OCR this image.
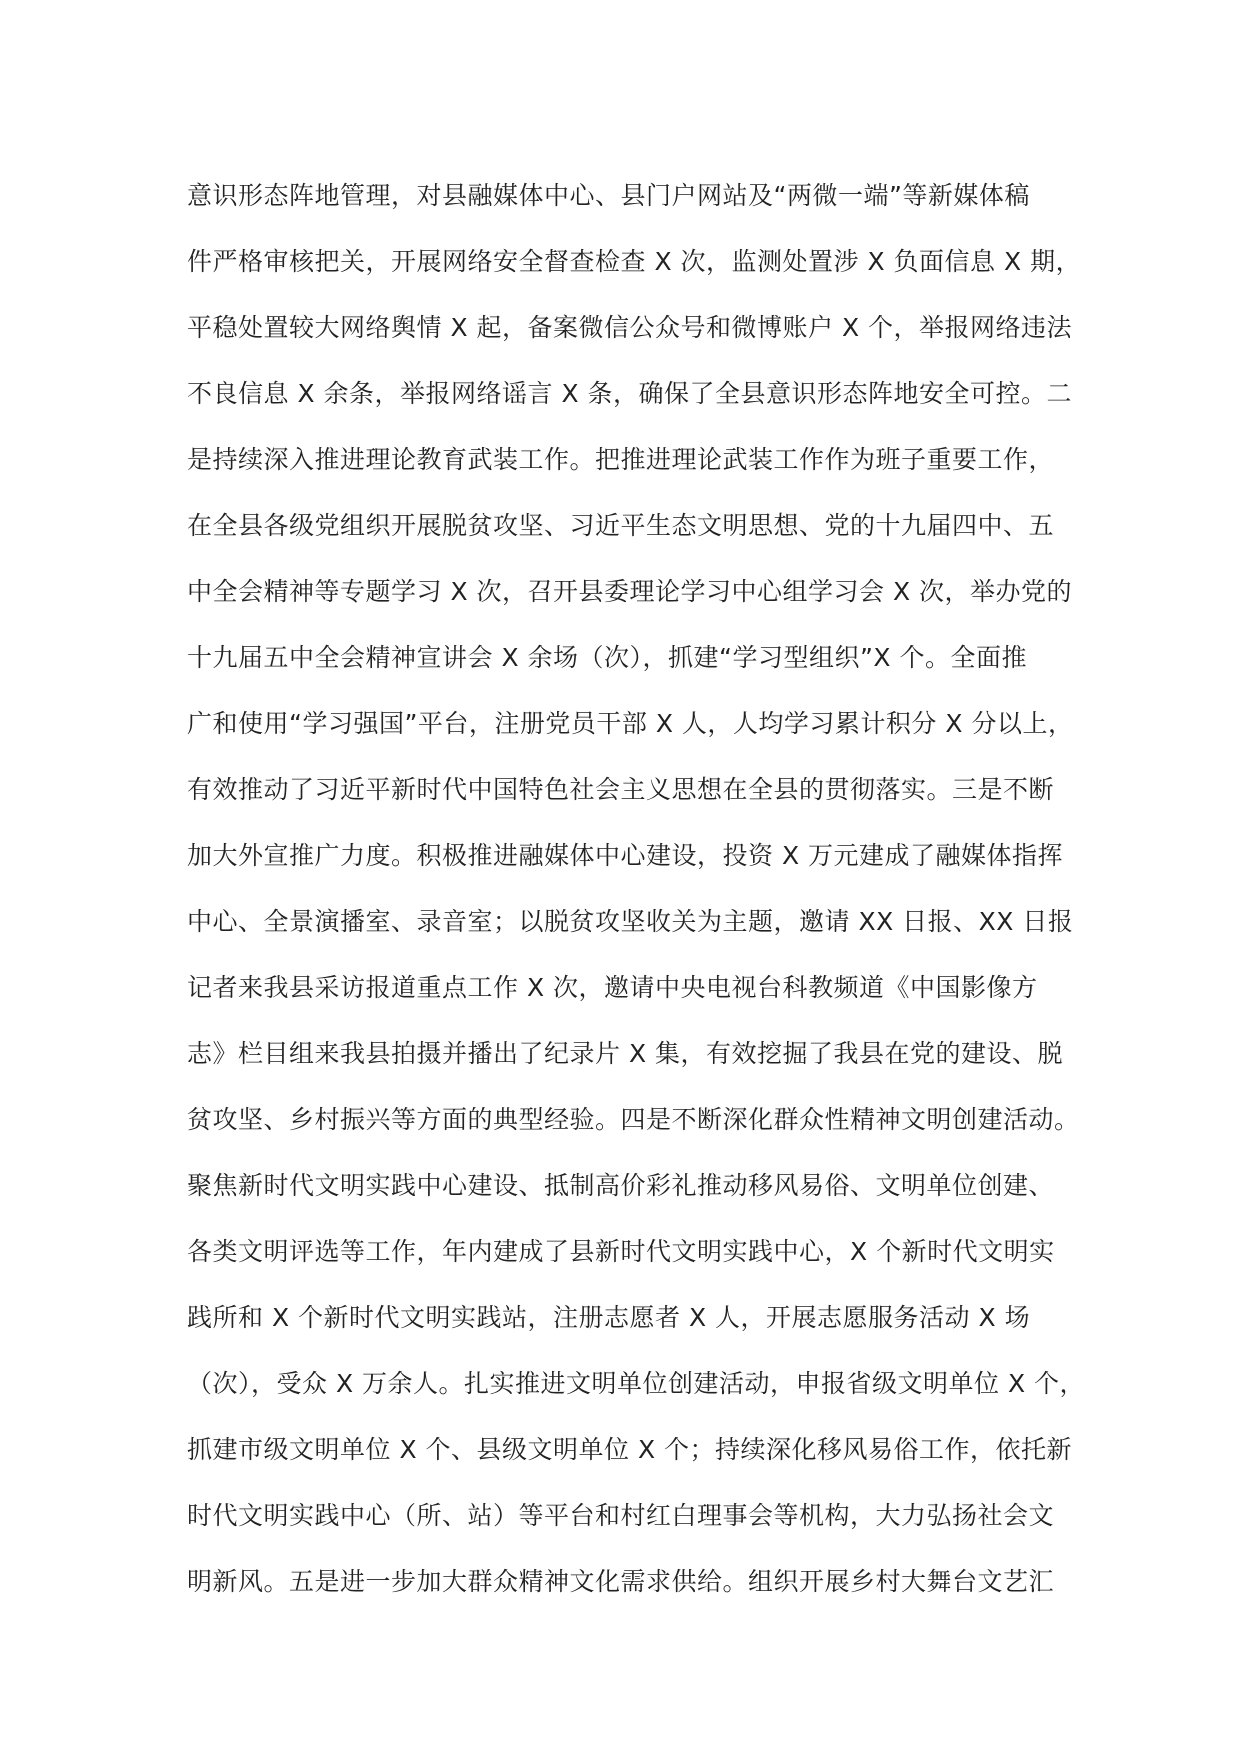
意识形态阵地管理，对县融媒体中心、县门户网站及“两微一端”等新媒体稿
件严格审核把关，开展网络安全督查检查 X 次，监测处置涉 X 负面信息 X 期，
平稳处置较大网络舆情 X 起，备案微信公众号和微博账户 X 个，举报网络违法
不良信息 X 余条，举报网络谣言 X 条，确保了全县意识形态阵地安全可控。二
是持续深入推进理论教育武装工作。把推进理论武装工作作为班子重要工作，
在全县各级党组织开展脱贫攻坚、习近平生态文明思想、党的十九届四中、五
中全会精神等专题学习 X 次，召开县委理论学习中心组学习会 X 次，举办党的
十九届五中全会精神宣讲会 X 余场（次），抓建“学习型组织”X 个。全面推
广和使用“学习强国”平台，注册党员干部 X 人，人均学习累计积分 X 分以上，
有效推动了习近平新时代中国特色社会主义思想在全县的贯彻落实。三是不断
加大外宣推广力度。积极推进融媒体中心建设，投资 X 万元建成了融媒体指挥
中心、全景演播室、录音室；以脱贫攻坚收关为主题，邀请 XX 日报、XX 日报
记者来我县采访报道重点工作 X 次，邀请中央电视台科教频道《中国影像方
志》栏目组来我县拍摄并播出了纪录片 X 集，有效挖掘了我县在党的建设、脱
贫攻坚、乡村振兴等方面的典型经验。四是不断深化群众性精神文明创建活动。
聚焦新时代文明实践中心建设、抵制高价彩礼推动移风易俗、文明单位创建、
各类文明评选等工作，年内建成了县新时代文明实践中心，X 个新时代文明实
践所和 X 个新时代文明实践站，注册志愿者 X 人，开展志愿服务活动 X 场
（次），受众 X 万余人。扎实推进文明单位创建活动，申报省级文明单位 X 个，
抓建市级文明单位 X 个、县级文明单位 X 个；持续深化移风易俗工作，依托新
时代文明实践中心（所、站）等平台和村红白理事会等机构，大力弘扬社会文
明新风。五是进一步加大群众精神文化需求供给。组织开展乡村大舞台文艺汇
